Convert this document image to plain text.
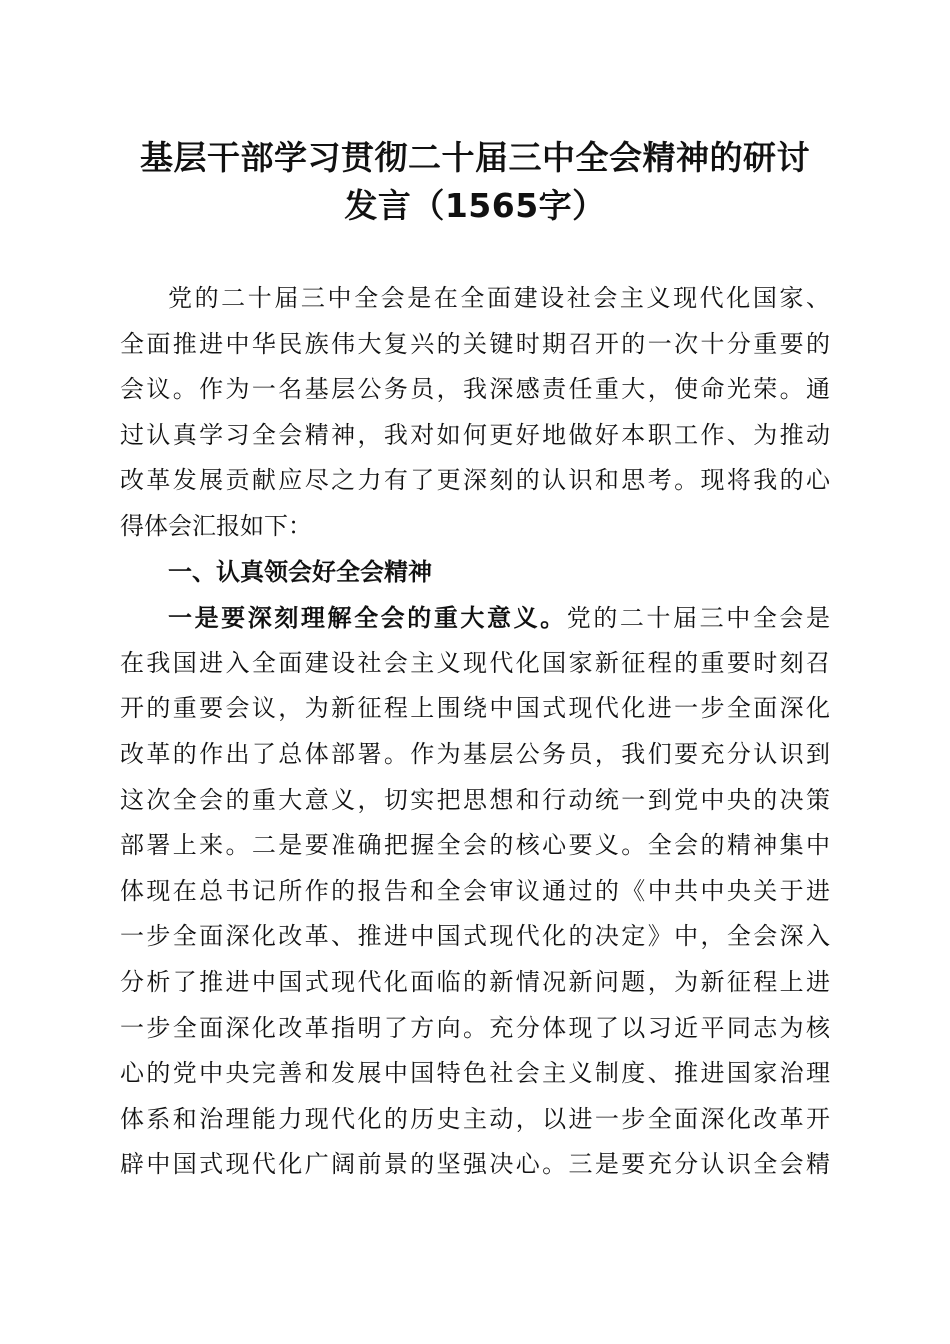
基层干部学习贯彻二十届三中全会精神的研讨
发言（1565字）
党的二十届三中全会是在全面建设社会主义现代化国家、
全面推进中华民族伟大复兴的关键时期召开的一次十分重要的
会议。作为一名基层公务员，我深感责任重大，使命光荣。通
过认真学习全会精神，我对如何更好地做好本职工作、为推动
改革发展贡献应尽之力有了更深刻的认识和思考。现将我的心
得体会汇报如下：
一、认真领会好全会精神
一是要深刻理解全会的重大意义。党的二十届三中全会是
在我国进入全面建设社会主义现代化国家新征程的重要时刻召
开的重要会议，为新征程上围绕中国式现代化进一步全面深化
改革的作出了总体部署。作为基层公务员，我们要充分认识到
这次全会的重大意义，切实把思想和行动统一到党中央的决策
部署上来。二是要准确把握全会的核心要义。全会的精神集中
体现在总书记所作的报告和全会审议通过的《中共中央关于进
一步全面深化改革、推进中国式现代化的决定》中，全会深入
分析了推进中国式现代化面临的新情况新问题，为新征程上进
一步全面深化改革指明了方向。充分体现了以习近平同志为核
心的党中央完善和发展中国特色社会主义制度、推进国家治理
体系和治理能力现代化的历史主动，以进一步全面深化改革开
辟中国式现代化广阔前景的坚强决心。三是要充分认识全会精
